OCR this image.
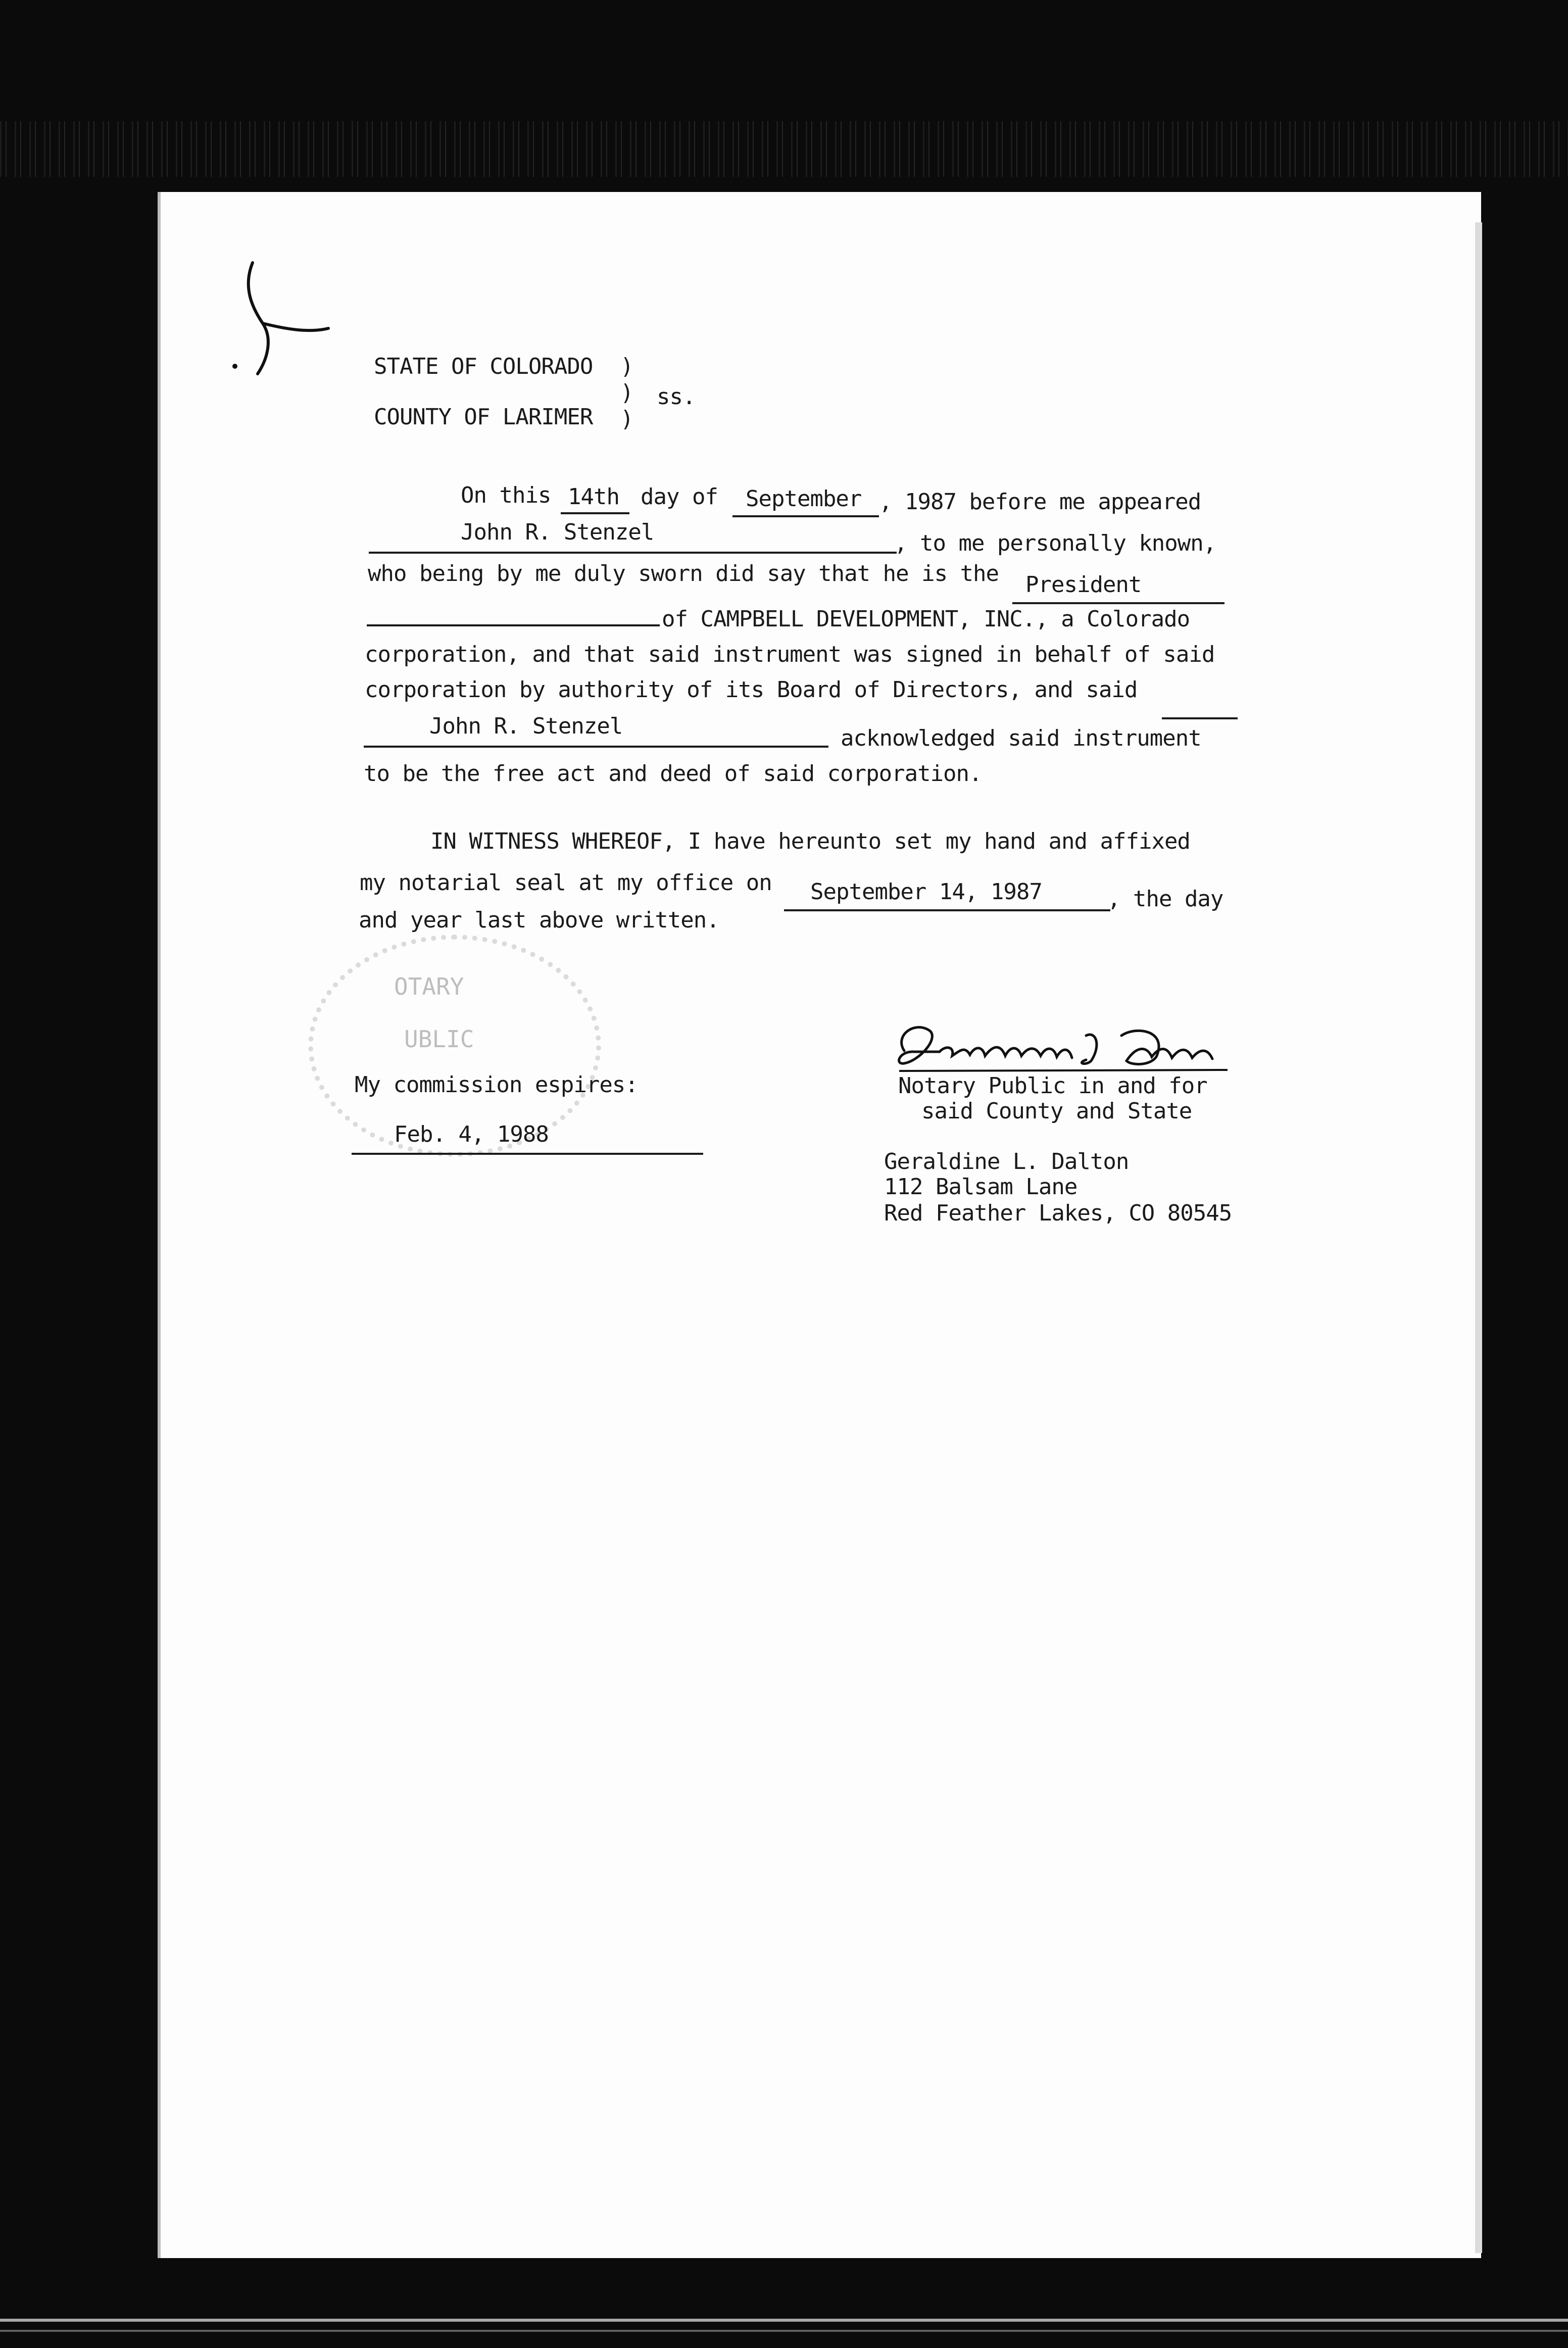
STATE OF COLORADO )
) ss.
COUNTY OF LARIMER )
On this 14th day of September , 1987 before me appeared
John R. Stenzel	, to me personally known,
who being by me duly sworn did say that he is the President
of CAMPBELL DEVELOPMENT, INC., a Colorado
corporation, and that said instrument was signed in behalf of said
corporation by authority of its Board of Directors, and said
John R. Stenzel	acknowledged said instrument
to be the free act and deed of said corporation.
IN WITNESS WHEREOF, I have hereunto set my hand and affixed
my notarial seal at my office on September 14, 1987	, the day
and year last above written.
OTARY
UBLIC
My commission espires:
Feb. 4, 1988
Notary Public in and for
said County and State
Geraldine L. Dalton
112 Balsam Lane
Red Feather Lakes, CO 80545
